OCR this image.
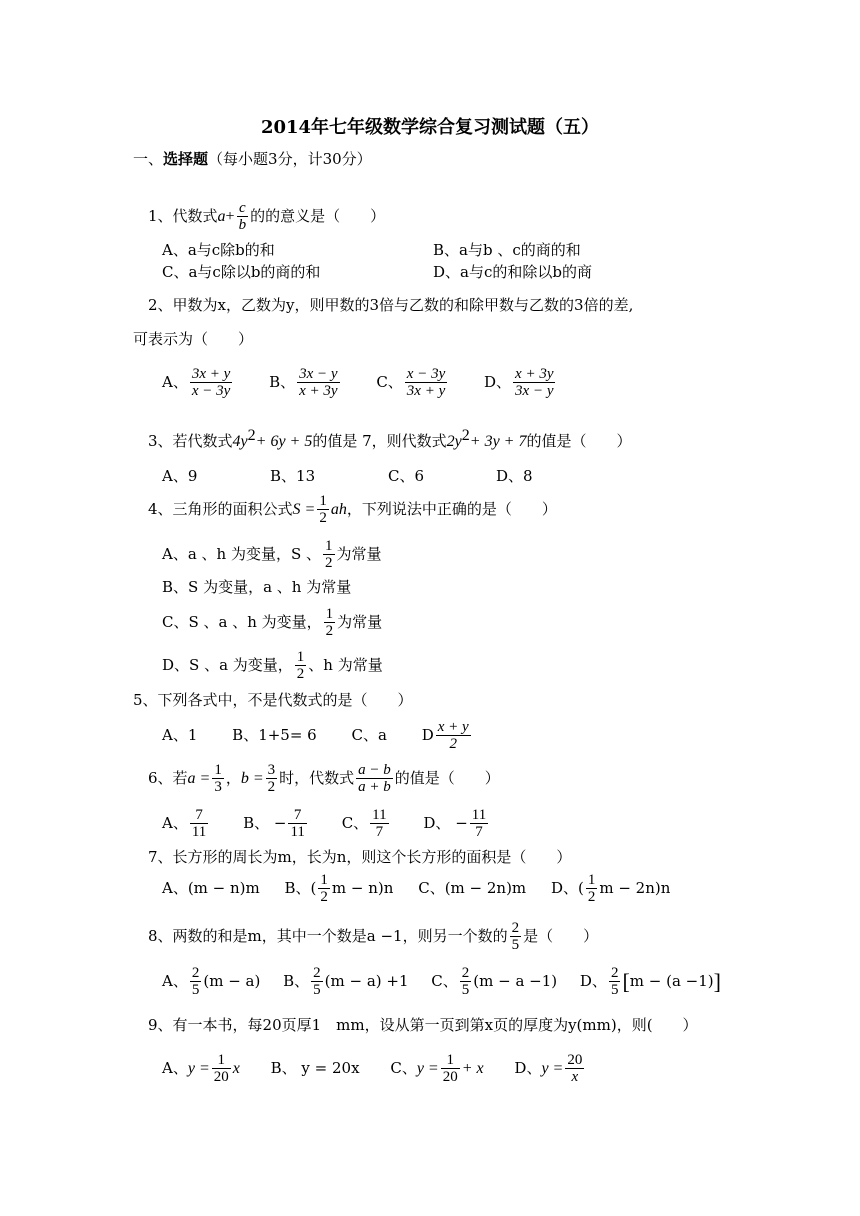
2014年七年级数学综合复习测试题（五）
一、选择题（每小题3分，计30分）
1、代数式$a+ \frac{c}{b}$ 的的意义是（　　）
A、a与c除b的和	B、a与b 、c的商的和
C、a与c除以b的商的和	D、a与c的和除以b的商
2、甲数为x，乙数为y，则甲数的3倍与乙数的和除甲数与乙数的3倍的差,
可表示为（　　）
A、 $\frac{3x + y}{x - 3y}$ B、 $\frac{3x - y}{x + 3y}$ C、 $\frac{x - 3y}{3x + y}$ D、 $\frac{x + 3y}{3x - y}$
3、若代数式$4y^2+ 6y + 5$的值是 7，则代数式$2y^2+ 3y + 7$的值是（　　）
A、9	B、13	C、6	D、8
4、三角形的面积公式$S = \frac{1}{2}$ ah，下列说法中正确的是（　　）
A、a 、h 为变量，S 、 $\frac{1}{2}$ 为常量
B、S 为变量，a 、h 为常量
C、S 、a 、h 为变量， $\frac{1}{2}$ 为常量
D、S 、a 为变量， $\frac{1}{2}$ 、h 为常量
5、下列各式中，不是代数式的是（　　）
A、1 B、1+5= 6 C、a D $\frac{x + y}{2}$
6、若$a = \frac{1}{3}$ ，$b = \frac{3}{2}$ 时，代数式 $\frac{a - b}{a + b}$ 的值是（　　）
A、 $\frac{7}{11}$ B、 − $\frac{7}{11}$ C、 $\frac{11}{7}$ D、 − $\frac{11}{7}$
7、长方形的周长为m，长为n，则这个长方形的面积是（　　）
A、(m − n)m B、( $\frac{1}{2}$ m − n)n C、(m − 2n)m D、( $\frac{1}{2}$ m − 2n)n
8、两数的和是m，其中一个数是a −1，则另一个数的 $\frac{2}{5}$ 是（　　）
A、 $\frac{2}{5} (m - a)$ B、 $\frac{2}{5} (m - a) +1$ C、 $\frac{2}{5} (m - a -1)$ D、 $\frac{2}{5} [m - (a -1)]$
9、有一本书，每20页厚1　mm，设从第一页到第x页的厚度为y(mm)，则(　　）
A、$y = \frac{1}{20}$ x B、 y = 20x C、$y = \frac{1}{20} + x$ D、$y = \frac{20}{x}$
